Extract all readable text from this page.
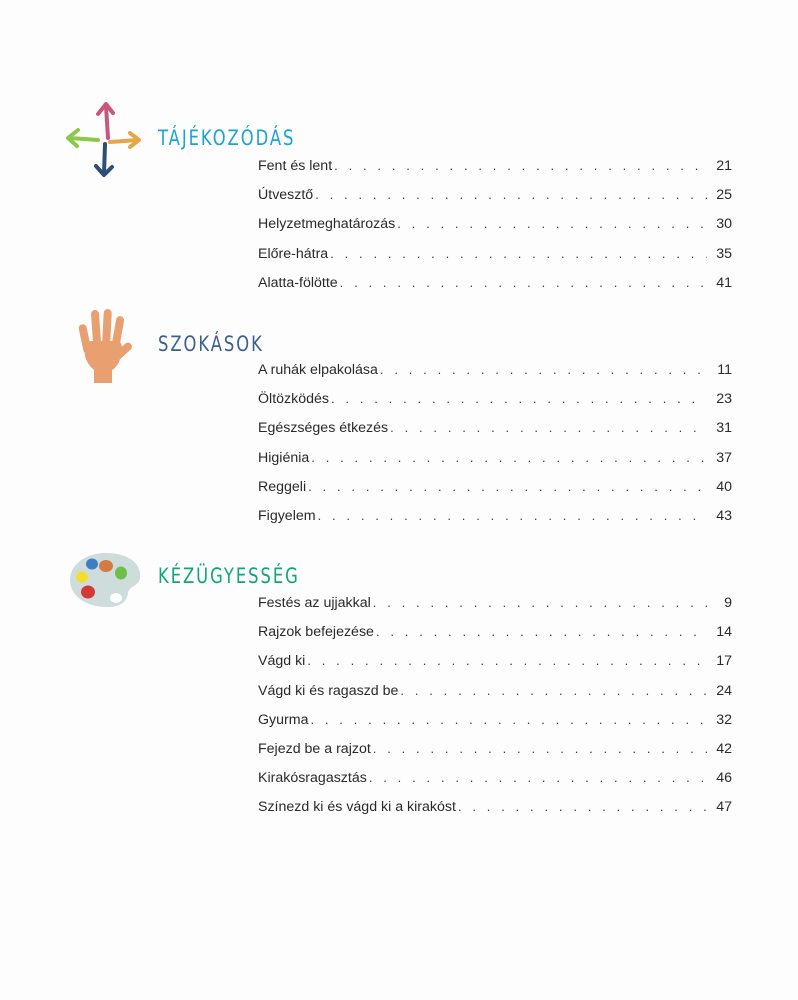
TÁJÉKOZÓDÁS
Fent és lent . . .	21
Útvesztő . . .	25
Helyzetmeghatározás . . .	30
Előre-hátra . . .	35
Alatta-fölötte . . .	41
SZOKÁSOK
A ruhák elpakolása . . .	11
Öltözködés . . .	23
Egészséges étkezés . . .	31
Higiénia . . .	37
Reggeli . . .	40
Figyelem . . .	43
KÉZÜGYESSÉG
Festés az ujjakkal . . .	9
Rajzok befejezése . . .	14
Vágd ki . . .	17
Vágd ki és ragaszd be . . .	24
Gyurma . . .	32
Fejezd be a rajzot . . .	42
Kirakósragasztás . . .	46
Színezd ki és vágd ki a kirakóst . . .	47
